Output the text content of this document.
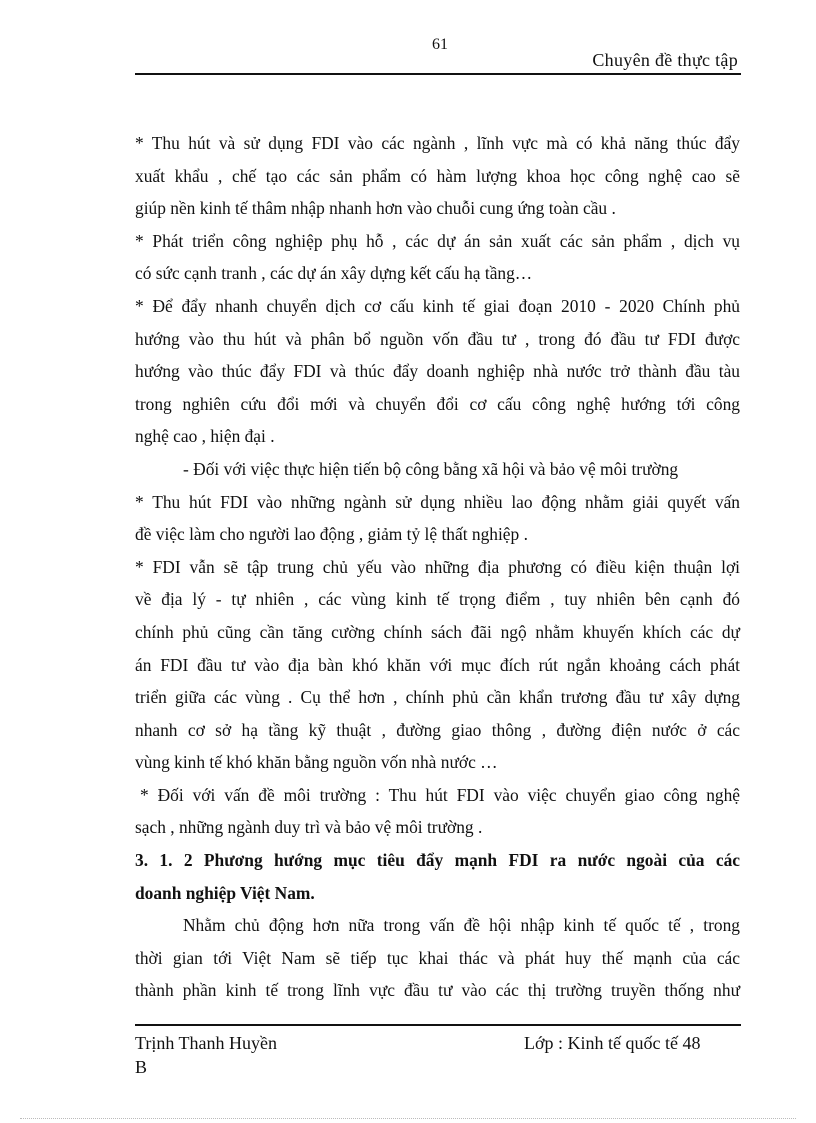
61
Chuyên đề thực tập
* Thu hút và sử dụng FDI vào các ngành , lĩnh vực mà có khả năng thúc đẩy
xuất khẩu , chế tạo các sản phẩm có hàm lượng khoa học công nghệ cao sẽ
giúp nền kinh tế thâm nhập nhanh hơn vào chuỗi cung ứng toàn cầu .
* Phát triển công nghiệp phụ hỗ , các dự án sản xuất các sản phẩm , dịch vụ
có sức cạnh tranh , các dự án xây dựng kết cấu hạ tầng…
* Để đẩy nhanh chuyển dịch cơ cấu kinh tế giai đoạn 2010 - 2020 Chính phủ
hướng vào thu hút và phân bổ nguồn vốn đầu tư , trong đó đầu tư FDI được
hướng vào thúc đẩy FDI và thúc đẩy doanh nghiệp nhà nước trở thành đầu tàu
trong nghiên cứu đổi mới và chuyển đổi cơ cấu công nghệ hướng tới công
nghệ cao , hiện đại .
- Đối với việc thực hiện tiến bộ công bằng xã hội và bảo vệ môi trường
* Thu hút FDI vào những ngành sử dụng nhiều lao động nhằm giải quyết vấn
đề việc làm cho người lao động , giảm tỷ lệ thất nghiệp .
* FDI vẫn sẽ tập trung chủ yếu vào những địa phương có điều kiện thuận lợi
về địa lý - tự nhiên , các vùng kinh tế trọng điểm , tuy nhiên bên cạnh đó
chính phủ cũng cần tăng cường chính sách đãi ngộ nhằm khuyến khích các dự
án FDI đầu tư vào địa bàn khó khăn với mục đích rút ngắn khoảng cách phát
triển giữa các vùng . Cụ thể hơn , chính phủ cần khẩn trương đầu tư xây dựng
nhanh cơ sở hạ tầng kỹ thuật , đường giao thông , đường điện nước ở các
vùng kinh tế khó khăn bằng nguồn vốn nhà nước …
* Đối với vấn đề môi trường : Thu hút FDI vào việc chuyển giao công nghệ
sạch , những ngành duy trì và bảo vệ môi trường .
3. 1. 2 Phương hướng mục tiêu đẩy mạnh FDI ra nước ngoài của các
doanh nghiệp Việt Nam.
Nhằm chủ động hơn nữa trong vấn đề hội nhập kinh tế quốc tế , trong
thời gian tới Việt Nam sẽ tiếp tục khai thác và phát huy thế mạnh của các
thành phần kinh tế trong lĩnh vực đầu tư vào các thị trường truyền thống như
Trịnh Thanh Huyền
B
Lớp : Kinh tế quốc tế 48
